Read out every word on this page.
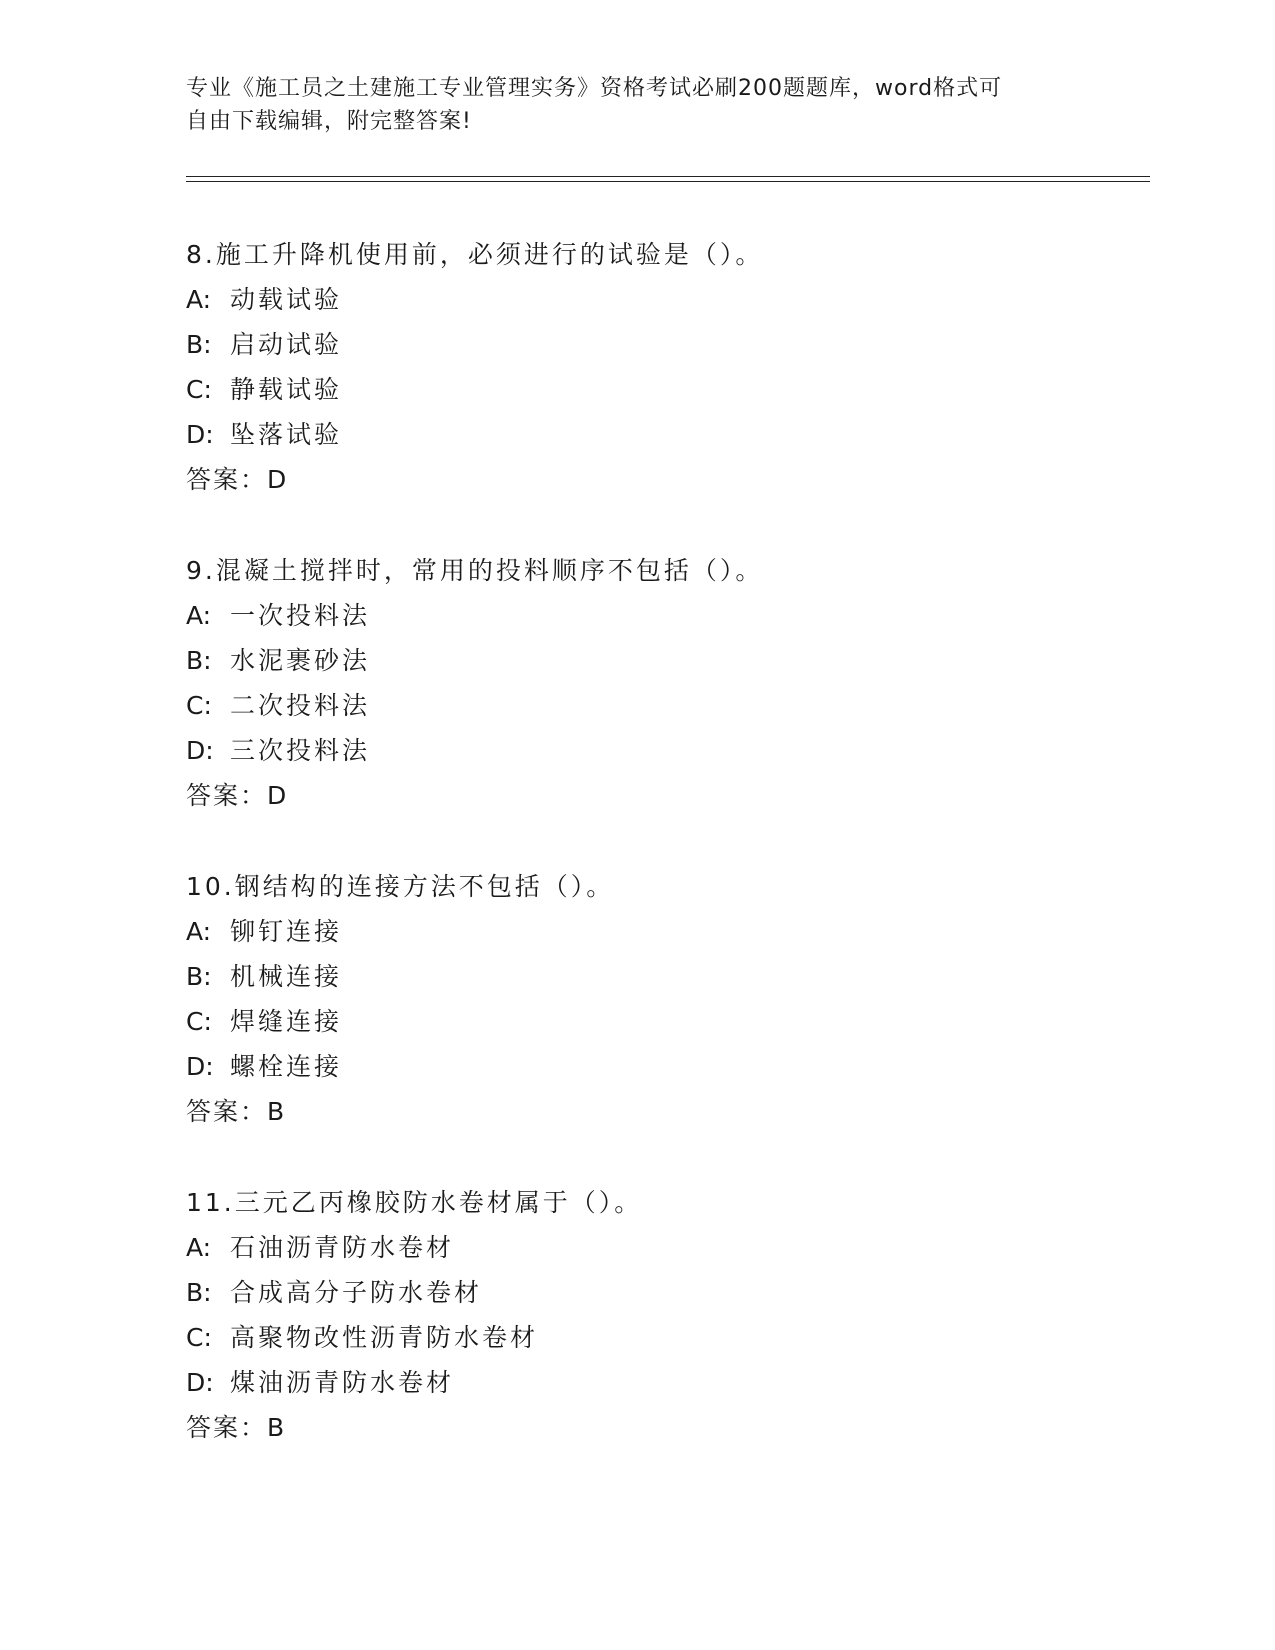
专业《施工员之土建施工专业管理实务》资格考试必刷200题题库，word格式可
自由下载编辑，附完整答案!
8.施工升降机使用前，必须进行的试验是（）。
A: 动载试验
B: 启动试验
C: 静载试验
D: 坠落试验
答案：D
9.混凝土搅拌时，常用的投料顺序不包括（）。
A: 一次投料法
B: 水泥裹砂法
C: 二次投料法
D: 三次投料法
答案：D
10.钢结构的连接方法不包括（）。
A: 铆钉连接
B: 机械连接
C: 焊缝连接
D: 螺栓连接
答案：B
11.三元乙丙橡胶防水卷材属于（）。
A: 石油沥青防水卷材
B: 合成高分子防水卷材
C: 高聚物改性沥青防水卷材
D: 煤油沥青防水卷材
答案：B
